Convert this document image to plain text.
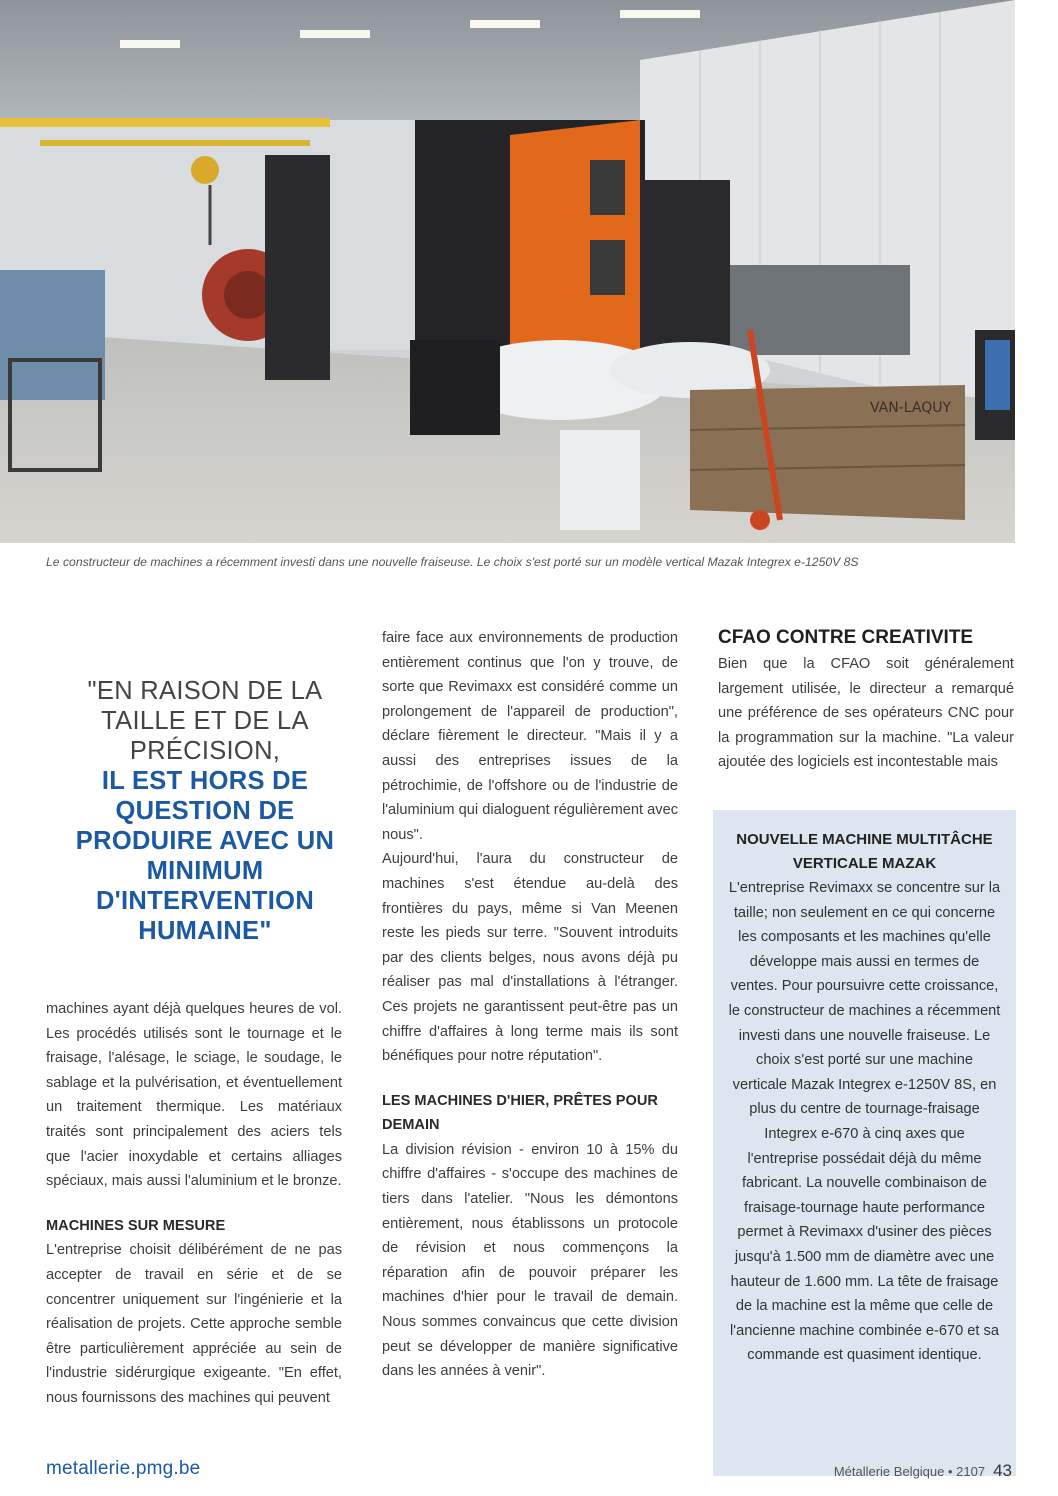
VAN-LAQUY
Le constructeur de machines a récemment investi dans une nouvelle fraiseuse. Le choix s'est porté sur un modèle vertical Mazak Integrex e-1250V 8S
"EN RAISON DE LA TAILLE ET DE LA PRÉCISION,
IL EST HORS DE QUESTION DE PRODUIRE AVEC UN MINIMUM D'INTERVENTION HUMAINE"

machines ayant déjà quelques heures de vol. Les procédés utilisés sont le tournage et le fraisage, l'alésage, le sciage, le soudage, le sablage et la pulvérisation, et éventuellement un traitement thermique. Les matériaux traités sont principalement des aciers tels que l'acier inoxydable et certains alliages spéciaux, mais aussi l'aluminium et le bronze.

MACHINES SUR MESURE

L'entreprise choisit délibérément de ne pas accepter de travail en série et de se concentrer uniquement sur l'ingénierie et la réalisation de projets. Cette approche semble être particulièrement appréciée au sein de l'industrie sidérurgique exigeante. "En effet, nous fournissons des machines qui peuvent

faire face aux environnements de production entièrement continus que l'on y trouve, de sorte que Revimaxx est considéré comme un prolongement de l'appareil de production", déclare fièrement le directeur. "Mais il y a aussi des entreprises issues de la pétrochimie, de l'offshore ou de l'industrie de l'aluminium qui dialoguent régulièrement avec nous".

Aujourd'hui, l'aura du constructeur de machines s'est étendue au-delà des frontières du pays, même si Van Meenen reste les pieds sur terre. "Souvent introduits par des clients belges, nous avons déjà pu réaliser pas mal d'installations à l'étranger. Ces projets ne garantissent peut-être pas un chiffre d'affaires à long terme mais ils sont bénéfiques pour notre réputation".

LES MACHINES D'HIER, PRÊTES POUR DEMAIN

La division révision - environ 10 à 15% du chiffre d'affaires - s'occupe des machines de tiers dans l'atelier. "Nous les démontons entièrement, nous établissons un protocole de révision et nous commençons la réparation afin de pouvoir préparer les machines d'hier pour le travail de demain. Nous sommes convaincus que cette division peut se développer de manière significative dans les années à venir".

CFAO CONTRE CREATIVITE

Bien que la CFAO soit généralement largement utilisée, le directeur a remarqué une préférence de ses opérateurs CNC pour la programmation sur la machine. "La valeur ajoutée des logiciels est incontestable mais

NOUVELLE MACHINE MULTITÂCHE VERTICALE MAZAK
L'entreprise Revimaxx se concentre sur la taille; non seulement en ce qui concerne les composants et les machines qu'elle développe mais aussi en termes de ventes. Pour poursuivre cette croissance, le constructeur de machines a récemment investi dans une nouvelle fraiseuse. Le choix s'est porté sur une machine verticale Mazak Integrex e-1250V 8S, en plus du centre de tournage-fraisage Integrex e-670 à cinq axes que l'entreprise possédait déjà du même fabricant. La nouvelle combinaison de fraisage-tournage haute performance permet à Revimaxx d'usiner des pièces jusqu'à 1.500 mm de diamètre avec une hauteur de 1.600 mm. La tête de fraisage de la machine est la même que celle de l'ancienne machine combinée e-670 et sa commande est quasiment identique.
metallerie.pmg.be	Métallerie Belgique • 2107 43
